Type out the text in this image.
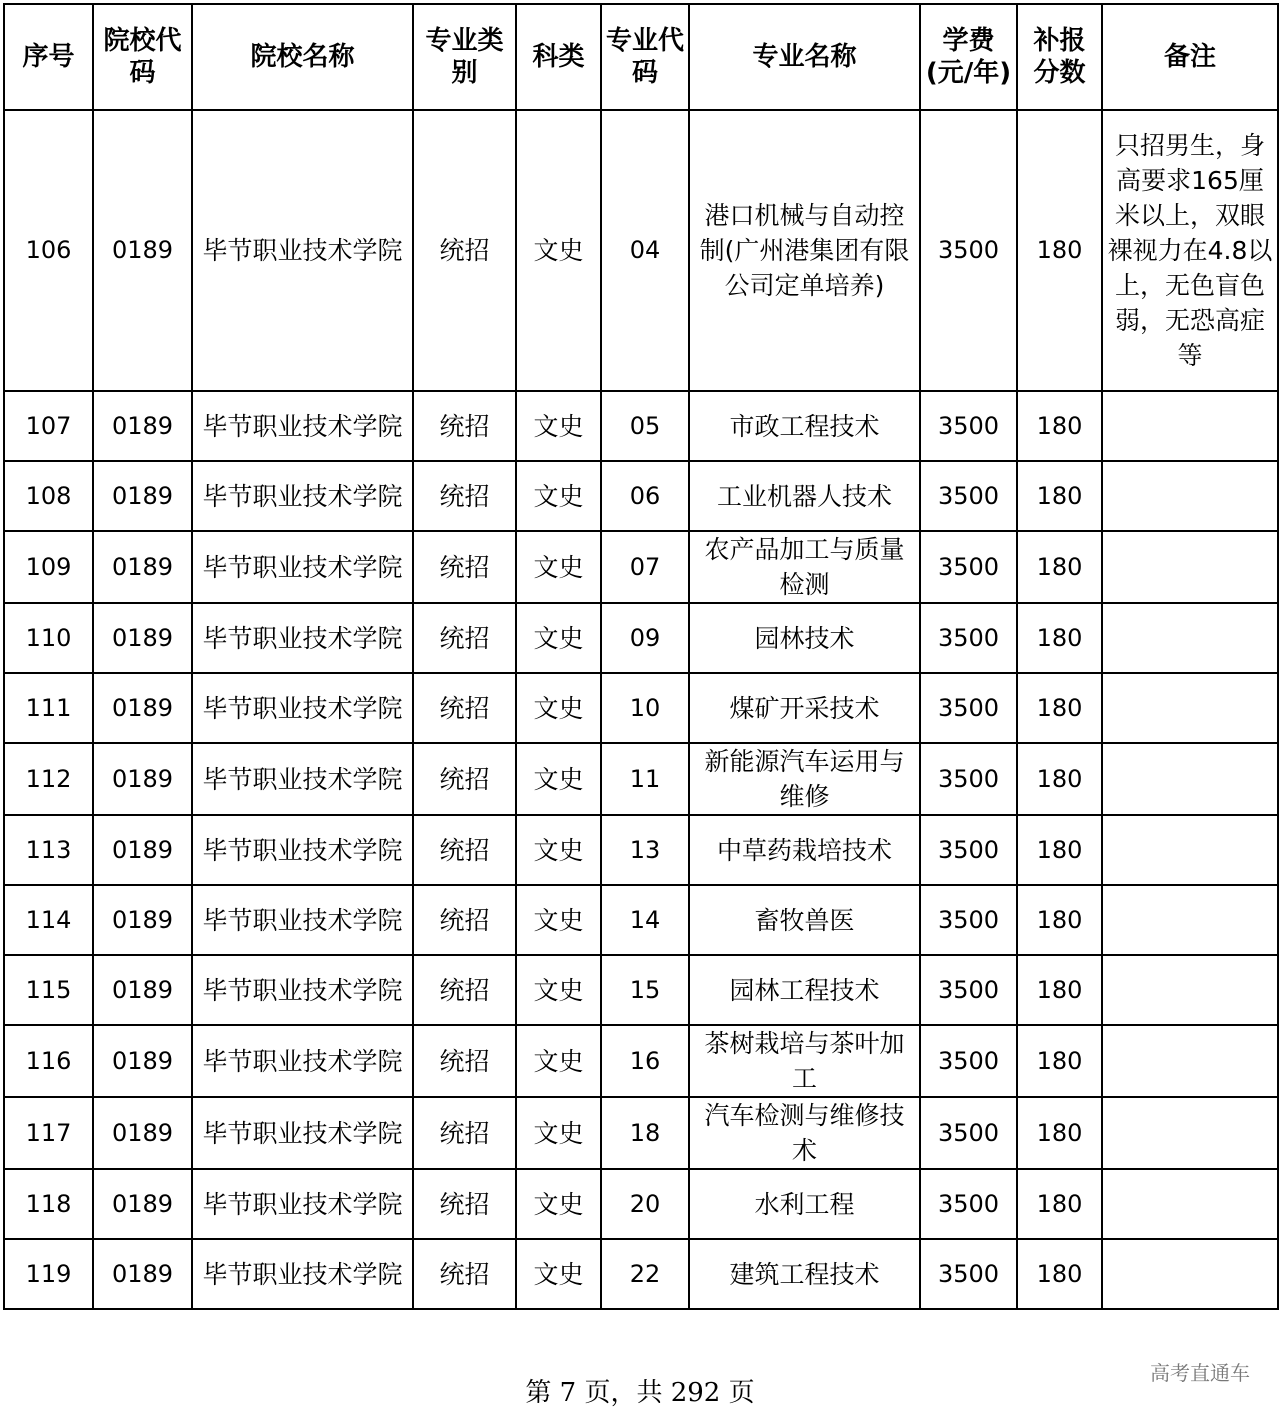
序号	院校代码	院校名称	专业类别	科类	专业代码	专业名称	学费(元/年)	补报分数	备注
106	0189	毕节职业技术学院	统招	文史	04	港口机械与自动控制(广州港集团有限公司定单培养)	3500	180	只招男生，身高要求165厘米以上，双眼裸视力在4.8以上，无色盲色弱，无恐高症等
107	0189	毕节职业技术学院	统招	文史	05	市政工程技术	3500	180	
108	0189	毕节职业技术学院	统招	文史	06	工业机器人技术	3500	180	
109	0189	毕节职业技术学院	统招	文史	07	农产品加工与质量检测	3500	180	
110	0189	毕节职业技术学院	统招	文史	09	园林技术	3500	180	
111	0189	毕节职业技术学院	统招	文史	10	煤矿开采技术	3500	180	
112	0189	毕节职业技术学院	统招	文史	11	新能源汽车运用与维修	3500	180	
113	0189	毕节职业技术学院	统招	文史	13	中草药栽培技术	3500	180	
114	0189	毕节职业技术学院	统招	文史	14	畜牧兽医	3500	180	
115	0189	毕节职业技术学院	统招	文史	15	园林工程技术	3500	180	
116	0189	毕节职业技术学院	统招	文史	16	茶树栽培与茶叶加工	3500	180	
117	0189	毕节职业技术学院	统招	文史	18	汽车检测与维修技术	3500	180	
118	0189	毕节职业技术学院	统招	文史	20	水利工程	3500	180	
119	0189	毕节职业技术学院	统招	文史	22	建筑工程技术	3500	180	
第 7 页，共 292 页
高考直通车
